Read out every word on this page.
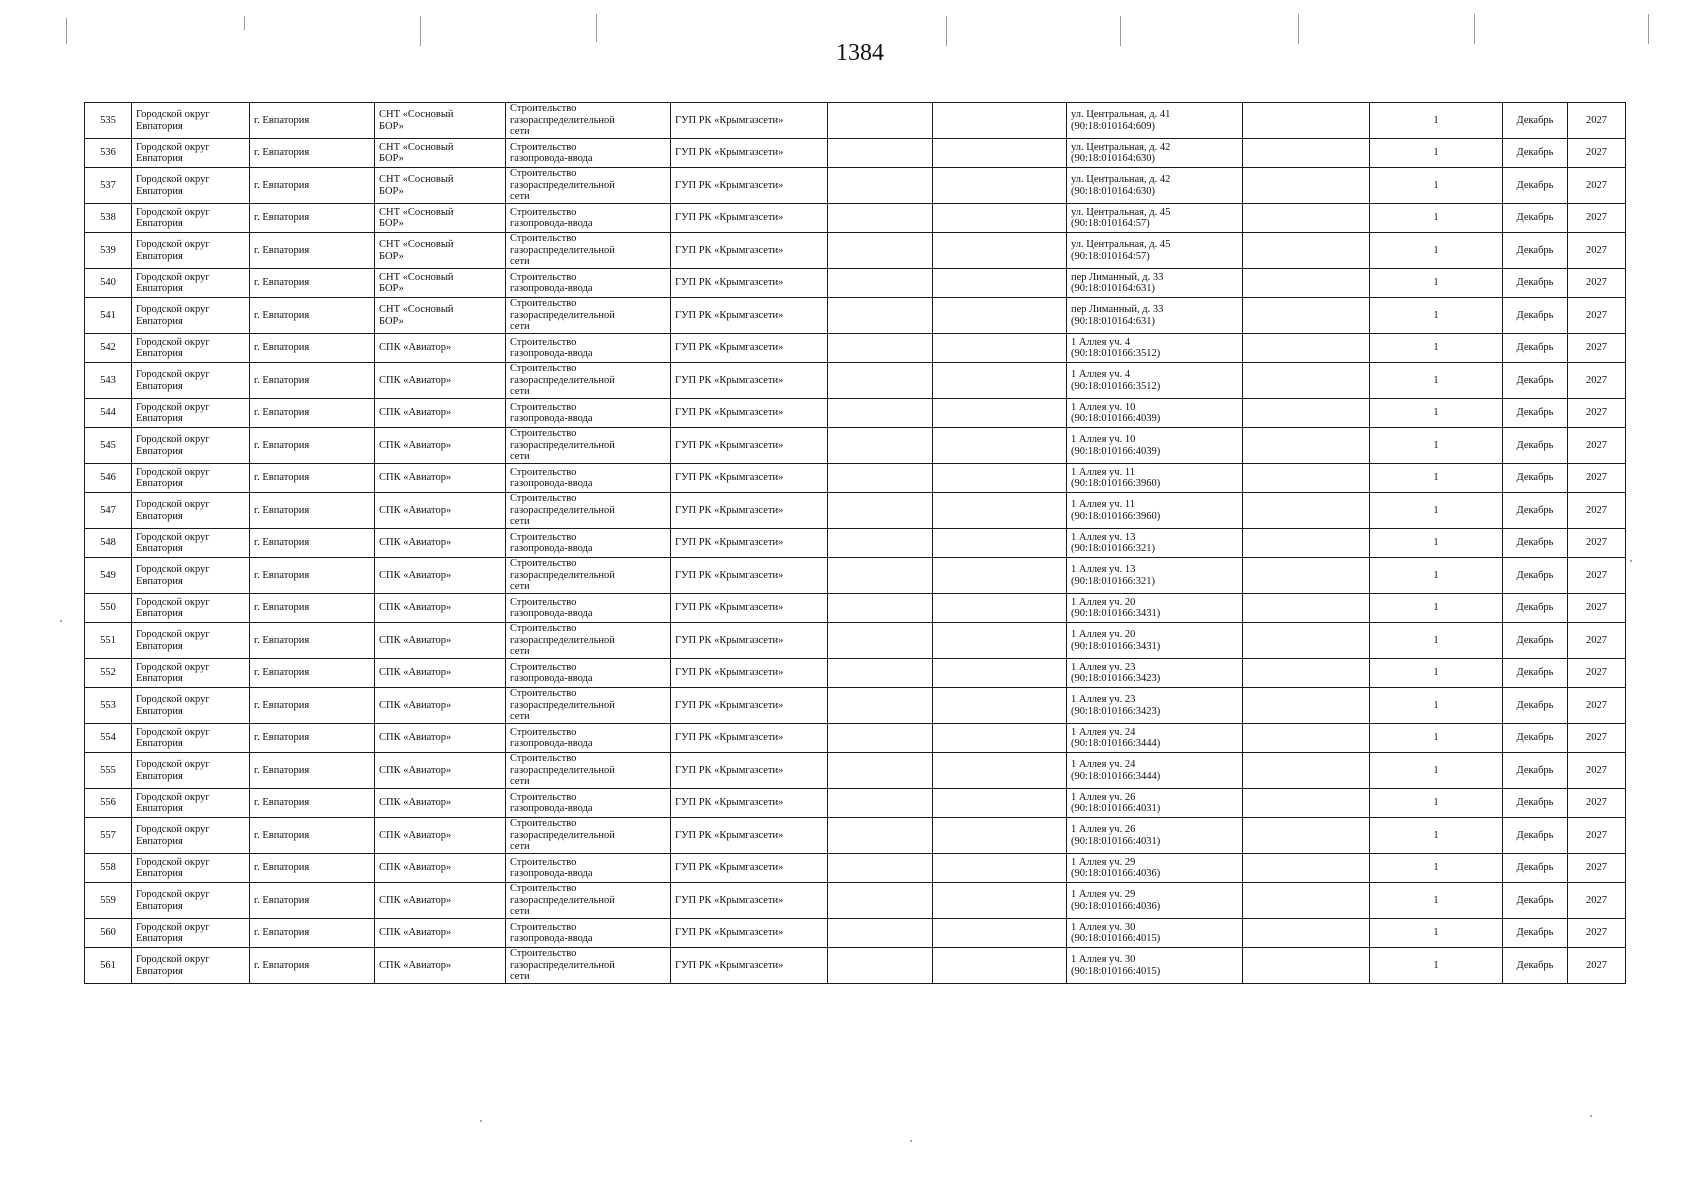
1384
535	Городской округ
Евпатория	г. Евпатория	СНТ «Сосновый
БОР»	Строительство
газораспределительной
сети	ГУП РК «Крымгазсети»			ул. Центральная, д. 41
(90:18:010164:609)		1	Декабрь	2027
536	Городской округ
Евпатория	г. Евпатория	СНТ «Сосновый
БОР»	Строительство
газопровода-ввода	ГУП РК «Крымгазсети»			ул. Центральная, д. 42
(90:18:010164:630)		1	Декабрь	2027
537	Городской округ
Евпатория	г. Евпатория	СНТ «Сосновый
БОР»	Строительство
газораспределительной
сети	ГУП РК «Крымгазсети»			ул. Центральная, д. 42
(90:18:010164:630)		1	Декабрь	2027
538	Городской округ
Евпатория	г. Евпатория	СНТ «Сосновый
БОР»	Строительство
газопровода-ввода	ГУП РК «Крымгазсети»			ул. Центральная, д. 45
(90:18:010164:57)		1	Декабрь	2027
539	Городской округ
Евпатория	г. Евпатория	СНТ «Сосновый
БОР»	Строительство
газораспределительной
сети	ГУП РК «Крымгазсети»			ул. Центральная, д. 45
(90:18:010164:57)		1	Декабрь	2027
540	Городской округ
Евпатория	г. Евпатория	СНТ «Сосновый
БОР»	Строительство
газопровода-ввода	ГУП РК «Крымгазсети»			пер Лиманный, д. 33
(90:18:010164:631)		1	Декабрь	2027
541	Городской округ
Евпатория	г. Евпатория	СНТ «Сосновый
БОР»	Строительство
газораспределительной
сети	ГУП РК «Крымгазсети»			пер Лиманный, д. 33
(90:18:010164:631)		1	Декабрь	2027
542	Городской округ
Евпатория	г. Евпатория	СПК «Авиатор»	Строительство
газопровода-ввода	ГУП РК «Крымгазсети»			1 Аллея уч. 4
(90:18:010166:3512)		1	Декабрь	2027
543	Городской округ
Евпатория	г. Евпатория	СПК «Авиатор»	Строительство
газораспределительной
сети	ГУП РК «Крымгазсети»			1 Аллея уч. 4
(90:18:010166:3512)		1	Декабрь	2027
544	Городской округ
Евпатория	г. Евпатория	СПК «Авиатор»	Строительство
газопровода-ввода	ГУП РК «Крымгазсети»			1 Аллея уч. 10
(90:18:010166:4039)		1	Декабрь	2027
545	Городской округ
Евпатория	г. Евпатория	СПК «Авиатор»	Строительство
газораспределительной
сети	ГУП РК «Крымгазсети»			1 Аллея уч. 10
(90:18:010166:4039)		1	Декабрь	2027
546	Городской округ
Евпатория	г. Евпатория	СПК «Авиатор»	Строительство
газопровода-ввода	ГУП РК «Крымгазсети»			1 Аллея уч. 11
(90:18:010166:3960)		1	Декабрь	2027
547	Городской округ
Евпатория	г. Евпатория	СПК «Авиатор»	Строительство
газораспределительной
сети	ГУП РК «Крымгазсети»			1 Аллея уч. 11
(90:18:010166:3960)		1	Декабрь	2027
548	Городской округ
Евпатория	г. Евпатория	СПК «Авиатор»	Строительство
газопровода-ввода	ГУП РК «Крымгазсети»			1 Аллея уч. 13
(90:18:010166:321)		1	Декабрь	2027
549	Городской округ
Евпатория	г. Евпатория	СПК «Авиатор»	Строительство
газораспределительной
сети	ГУП РК «Крымгазсети»			1 Аллея уч. 13
(90:18:010166:321)		1	Декабрь	2027
550	Городской округ
Евпатория	г. Евпатория	СПК «Авиатор»	Строительство
газопровода-ввода	ГУП РК «Крымгазсети»			1 Аллея уч. 20
(90:18:010166:3431)		1	Декабрь	2027
551	Городской округ
Евпатория	г. Евпатория	СПК «Авиатор»	Строительство
газораспределительной
сети	ГУП РК «Крымгазсети»			1 Аллея уч. 20
(90:18:010166:3431)		1	Декабрь	2027
552	Городской округ
Евпатория	г. Евпатория	СПК «Авиатор»	Строительство
газопровода-ввода	ГУП РК «Крымгазсети»			1 Аллея уч. 23
(90:18:010166:3423)		1	Декабрь	2027
553	Городской округ
Евпатория	г. Евпатория	СПК «Авиатор»	Строительство
газораспределительной
сети	ГУП РК «Крымгазсети»			1 Аллея уч. 23
(90:18:010166:3423)		1	Декабрь	2027
554	Городской округ
Евпатория	г. Евпатория	СПК «Авиатор»	Строительство
газопровода-ввода	ГУП РК «Крымгазсети»			1 Аллея уч. 24
(90:18:010166:3444)		1	Декабрь	2027
555	Городской округ
Евпатория	г. Евпатория	СПК «Авиатор»	Строительство
газораспределительной
сети	ГУП РК «Крымгазсети»			1 Аллея уч. 24
(90:18:010166:3444)		1	Декабрь	2027
556	Городской округ
Евпатория	г. Евпатория	СПК «Авиатор»	Строительство
газопровода-ввода	ГУП РК «Крымгазсети»			1 Аллея уч. 26
(90:18:010166:4031)		1	Декабрь	2027
557	Городской округ
Евпатория	г. Евпатория	СПК «Авиатор»	Строительство
газораспределительной
сети	ГУП РК «Крымгазсети»			1 Аллея уч. 26
(90:18:010166:4031)		1	Декабрь	2027
558	Городской округ
Евпатория	г. Евпатория	СПК «Авиатор»	Строительство
газопровода-ввода	ГУП РК «Крымгазсети»			1 Аллея уч. 29
(90:18:010166:4036)		1	Декабрь	2027
559	Городской округ
Евпатория	г. Евпатория	СПК «Авиатор»	Строительство
газораспределительной
сети	ГУП РК «Крымгазсети»			1 Аллея уч. 29
(90:18:010166:4036)		1	Декабрь	2027
560	Городской округ
Евпатория	г. Евпатория	СПК «Авиатор»	Строительство
газопровода-ввода	ГУП РК «Крымгазсети»			1 Аллея уч. 30
(90:18:010166:4015)		1	Декабрь	2027
561	Городской округ
Евпатория	г. Евпатория	СПК «Авиатор»	Строительство
газораспределительной
сети	ГУП РК «Крымгазсети»			1 Аллея уч. 30
(90:18:010166:4015)		1	Декабрь	2027
